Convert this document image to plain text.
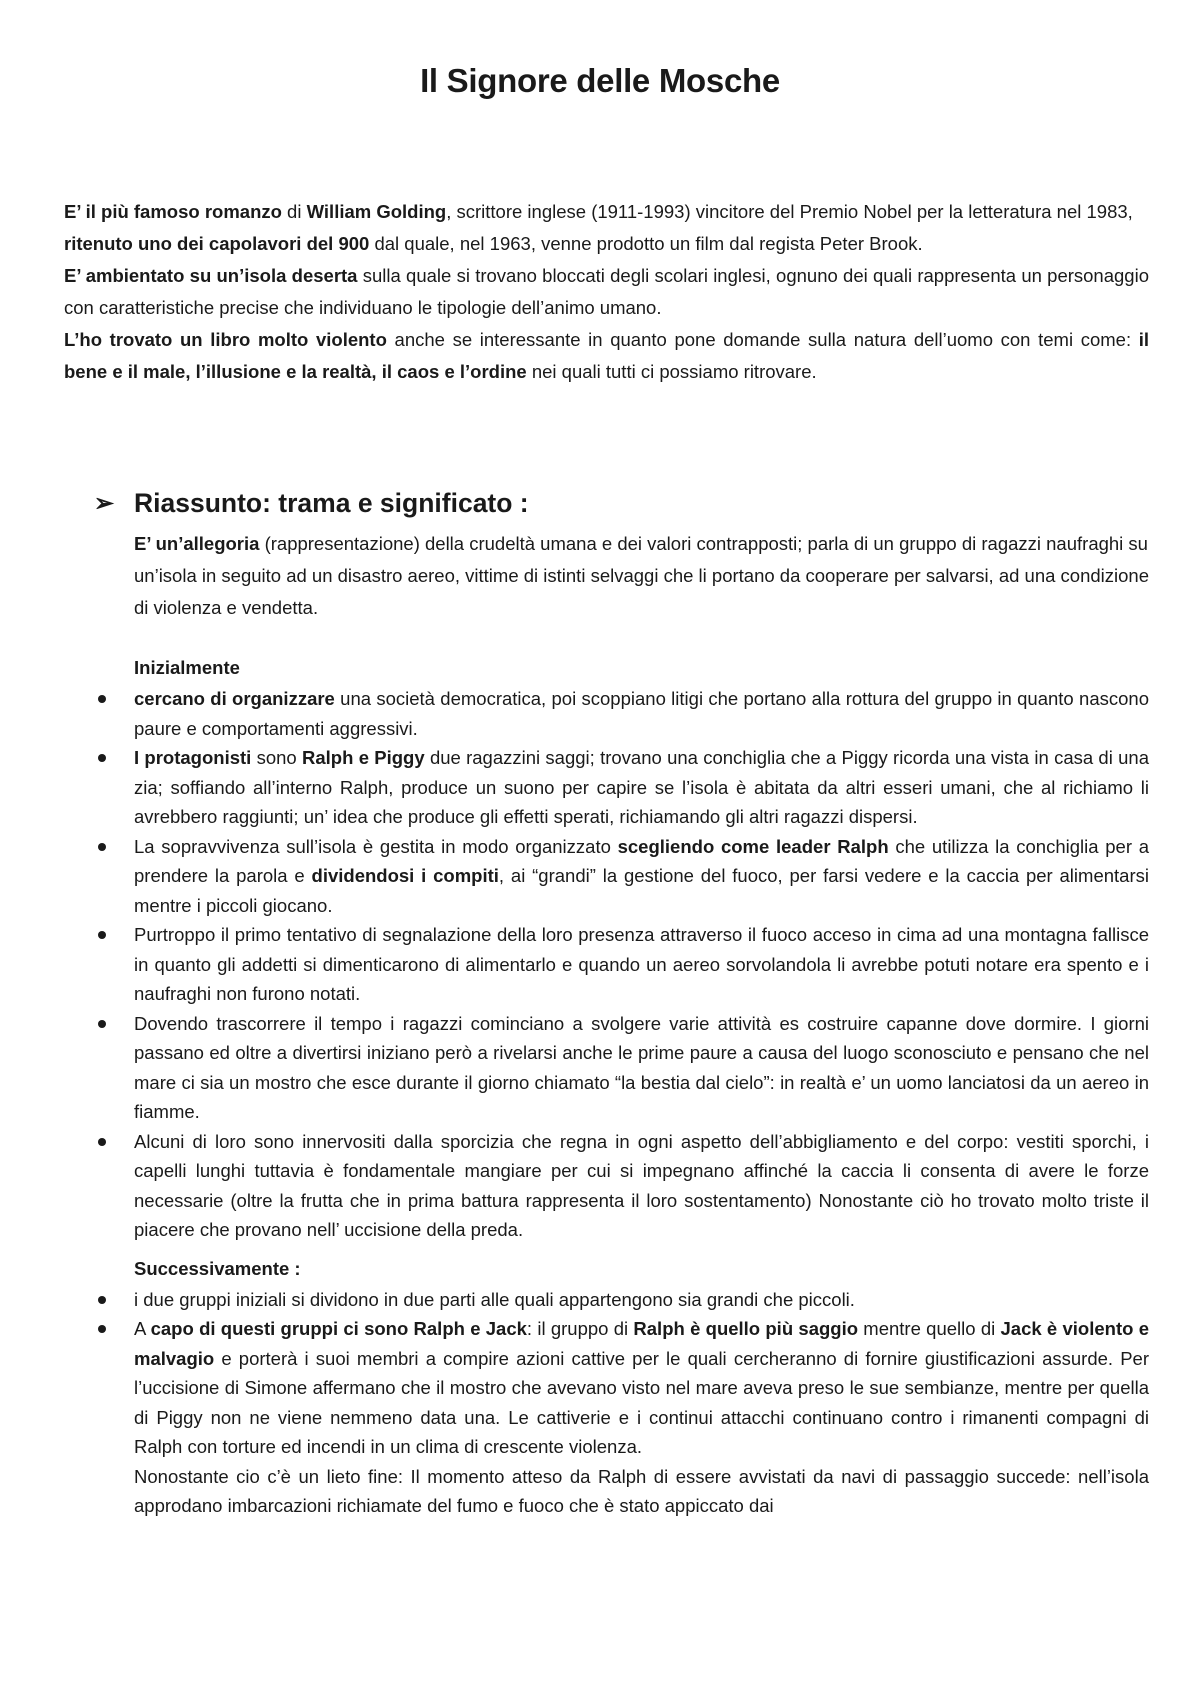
Il Signore delle Mosche

E’ il più famoso romanzo di William Golding, scrittore inglese (1911-1993) vincitore del Premio Nobel per la letteratura nel 1983, ritenuto uno dei capolavori del 900 dal quale, nel 1963, venne prodotto un film dal regista Peter Brook.

E’ ambientato su un’isola deserta sulla quale si trovano bloccati degli scolari inglesi, ognuno dei quali rappresenta un personaggio con caratteristiche precise che individuano le tipologie dell’animo umano.

L’ho trovato un libro molto violento anche se interessante in quanto pone domande sulla natura dell’uomo con temi come: il bene e il male, l’illusione e la realtà, il caos e l’ordine nei quali tutti ci possiamo ritrovare.

➢ Riassunto: trama e significato :

E’ un’allegoria (rappresentazione) della crudeltà umana e dei valori contrapposti; parla di un gruppo di ragazzi naufraghi su un’isola in seguito ad un disastro aereo, vittime di istinti selvaggi che li portano da cooperare per salvarsi, ad una condizione di violenza e vendetta.

Inizialmente
cercano di organizzare una società democratica, poi scoppiano litigi che portano alla rottura del gruppo in quanto nascono paure e comportamenti aggressivi.
I protagonisti sono Ralph e Piggy due ragazzini saggi; trovano una conchiglia che a Piggy ricorda una vista in casa di una zia; soffiando all’interno Ralph, produce un suono per capire se l’isola è abitata da altri esseri umani, che al richiamo li avrebbero raggiunti; un’ idea che produce gli effetti sperati, richiamando gli altri ragazzi dispersi.
La sopravvivenza sull’isola è gestita in modo organizzato scegliendo come leader Ralph che utilizza la conchiglia per a prendere la parola e dividendosi i compiti, ai “grandi” la gestione del fuoco, per farsi vedere e la caccia per alimentarsi mentre i piccoli giocano.
Purtroppo il primo tentativo di segnalazione della loro presenza attraverso il fuoco acceso in cima ad una montagna fallisce in quanto gli addetti si dimenticarono di alimentarlo e quando un aereo sorvolandola li avrebbe potuti notare era spento e i naufraghi non furono notati.
Dovendo trascorrere il tempo i ragazzi cominciano a svolgere varie attività es costruire capanne dove dormire. I giorni passano ed oltre a divertirsi iniziano però a rivelarsi anche le prime paure a causa del luogo sconosciuto e pensano che nel mare ci sia un mostro che esce durante il giorno chiamato “la bestia dal cielo”: in realtà e’ un uomo lanciatosi da un aereo in fiamme.
Alcuni di loro sono innervositi dalla sporcizia che regna in ogni aspetto dell’abbigliamento e del corpo: vestiti sporchi, i capelli lunghi tuttavia è fondamentale mangiare per cui si impegnano affinché la caccia li consenta di avere le forze necessarie (oltre la frutta che in prima battura rappresenta il loro sostentamento) Nonostante ciò ho trovato molto triste il piacere che provano nell’ uccisione della preda.
Successivamente :
i due gruppi iniziali si dividono in due parti alle quali appartengono sia grandi che piccoli.
A capo di questi gruppi ci sono Ralph e Jack: il gruppo di Ralph è quello più saggio mentre quello di Jack è violento e malvagio e porterà i suoi membri a compire azioni cattive per le quali cercheranno di fornire giustificazioni assurde. Per l’uccisione di Simone affermano che il mostro che avevano visto nel mare aveva preso le sue sembianze, mentre per quella di Piggy non ne viene nemmeno data una. Le cattiverie e i continui attacchi continuano contro i rimanenti compagni di Ralph con torture ed incendi in un clima di crescente violenza.

Nonostante cio c’è un lieto fine: Il momento atteso da Ralph di essere avvistati da navi di passaggio succede: nell’isola approdano imbarcazioni richiamate del fumo e fuoco che è stato appiccato dai
